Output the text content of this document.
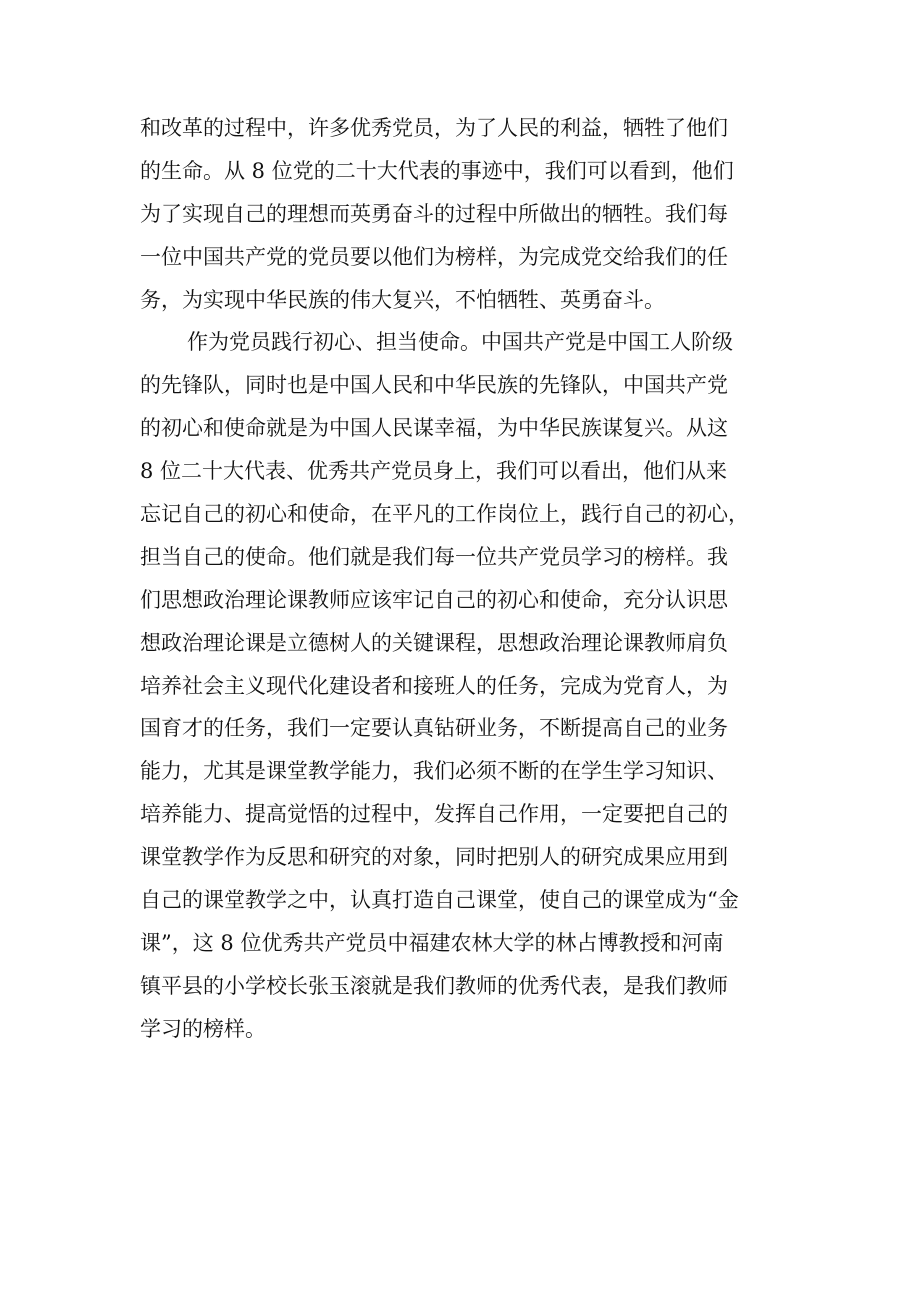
和改革的过程中，许多优秀党员，为了人民的利益，牺牲了他们
的生命。从 8 位党的二十大代表的事迹中，我们可以看到，他们
为了实现自己的理想而英勇奋斗的过程中所做出的牺牲。我们每
一位中国共产党的党员要以他们为榜样，为完成党交给我们的任
务，为实现中华民族的伟大复兴，不怕牺牲、英勇奋斗。
作为党员践行初心、担当使命。中国共产党是中国工人阶级
的先锋队，同时也是中国人民和中华民族的先锋队，中国共产党
的初心和使命就是为中国人民谋幸福，为中华民族谋复兴。从这
8 位二十大代表、优秀共产党员身上，我们可以看出，他们从来
忘记自己的初心和使命，在平凡的工作岗位上，践行自己的初心，
担当自己的使命。他们就是我们每一位共产党员学习的榜样。我
们思想政治理论课教师应该牢记自己的初心和使命，充分认识思
想政治理论课是立德树人的关键课程，思想政治理论课教师肩负
培养社会主义现代化建设者和接班人的任务，完成为党育人，为
国育才的任务，我们一定要认真钻研业务，不断提高自己的业务
能力，尤其是课堂教学能力，我们必须不断的在学生学习知识、
培养能力、提高觉悟的过程中，发挥自己作用，一定要把自己的
课堂教学作为反思和研究的对象，同时把别人的研究成果应用到
自己的课堂教学之中，认真打造自己课堂，使自己的课堂成为“金
课”，这 8 位优秀共产党员中福建农林大学的林占博教授和河南
镇平县的小学校长张玉滚就是我们教师的优秀代表，是我们教师
学习的榜样。
